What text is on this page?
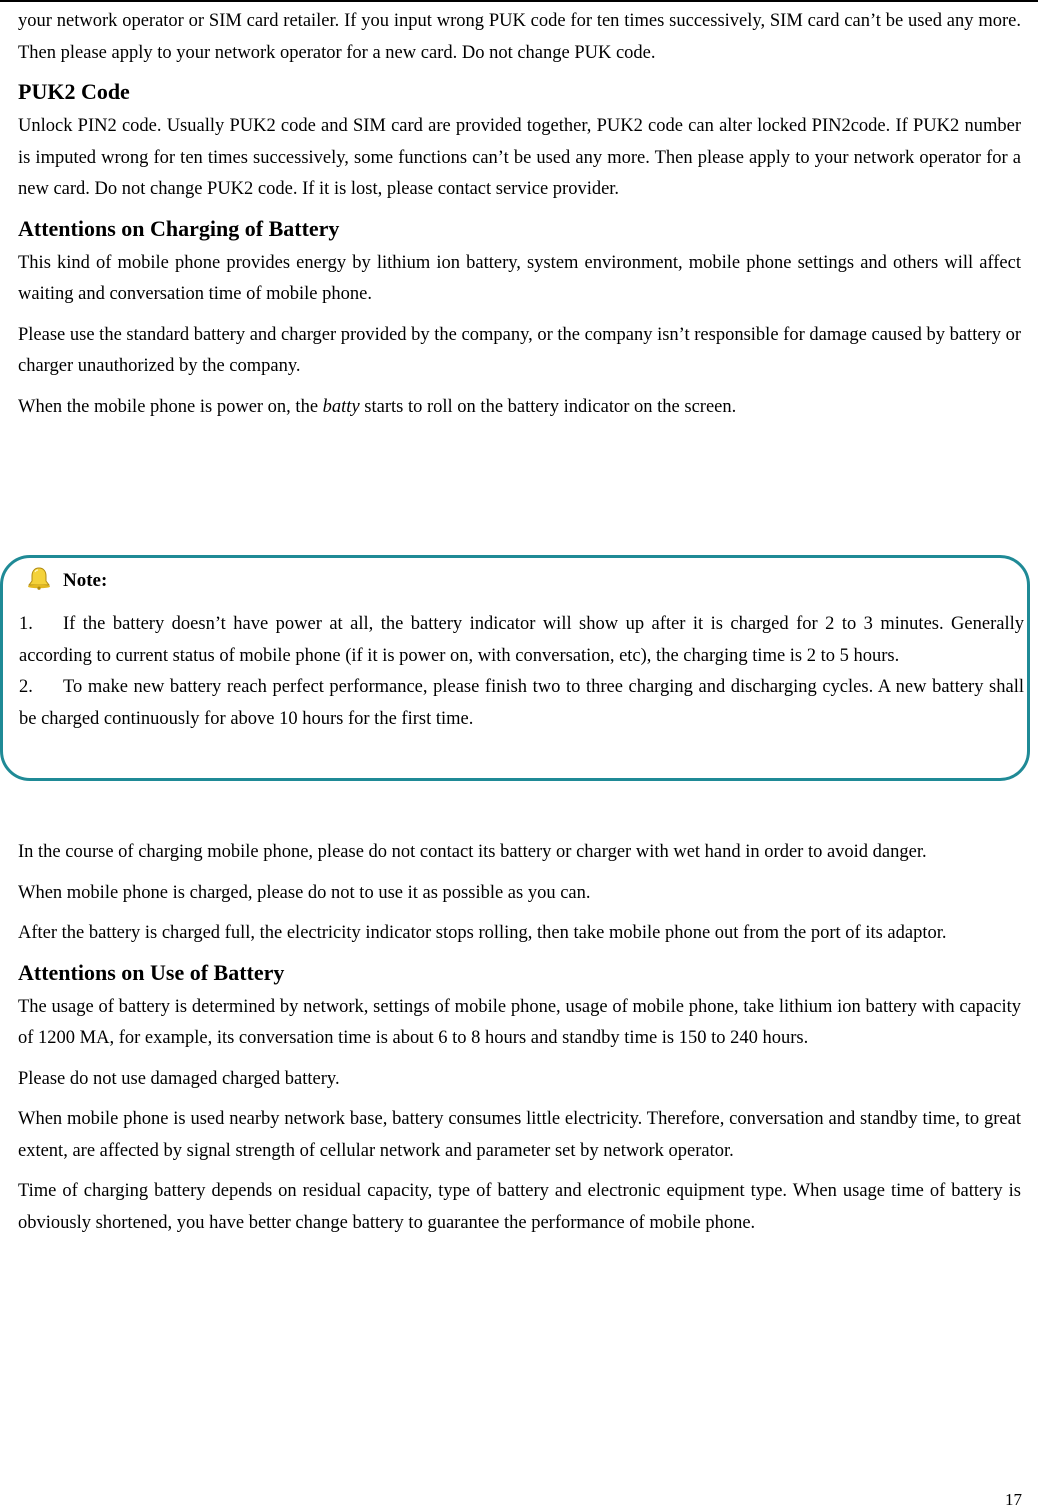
your network operator or SIM card retailer. If you input wrong PUK code for ten times successively, SIM card can’t be used any more. Then please apply to your network operator for a new card. Do not change PUK code.

PUK2 Code

Unlock PIN2 code. Usually PUK2 code and SIM card are provided together, PUK2 code can alter locked PIN2code. If PUK2 number is imputed wrong for ten times successively, some functions can’t be used any more. Then please apply to your network operator for a new card. Do not change PUK2 code. If it is lost, please contact service provider.

Attentions on Charging of Battery

This kind of mobile phone provides energy by lithium ion battery, system environment, mobile phone settings and others will affect waiting and conversation time of mobile phone.

Please use the standard battery and charger provided by the company, or the company isn’t responsible for damage caused by battery or charger unauthorized by the company.

When the mobile phone is power on, the batty starts to roll on the battery indicator on the screen.

Note:

1. If the battery doesn’t have power at all, the battery indicator will show up after it is charged for 2 to 3 minutes. Generally according to current status of mobile phone (if it is power on, with conversation, etc), the charging time is 2 to 5 hours.

2. To make new battery reach perfect performance, please finish two to three charging and discharging cycles. A new battery shall be charged continuously for above 10 hours for the first time.

In the course of charging mobile phone, please do not contact its battery or charger with wet hand in order to avoid danger.

When mobile phone is charged, please do not to use it as possible as you can.

After the battery is charged full, the electricity indicator stops rolling, then take mobile phone out from the port of its adaptor.

Attentions on Use of Battery

The usage of battery is determined by network, settings of mobile phone, usage of mobile phone, take lithium ion battery with capacity of 1200 MA, for example, its conversation time is about 6 to 8 hours and standby time is 150 to 240 hours.

Please do not use damaged charged battery.

When mobile phone is used nearby network base, battery consumes little electricity. Therefore, conversation and standby time, to great extent, are affected by signal strength of cellular network and parameter set by network operator.

Time of charging battery depends on residual capacity, type of battery and electronic equipment type. When usage time of battery is obviously shortened, you have better change battery to guarantee the performance of mobile phone.

17
